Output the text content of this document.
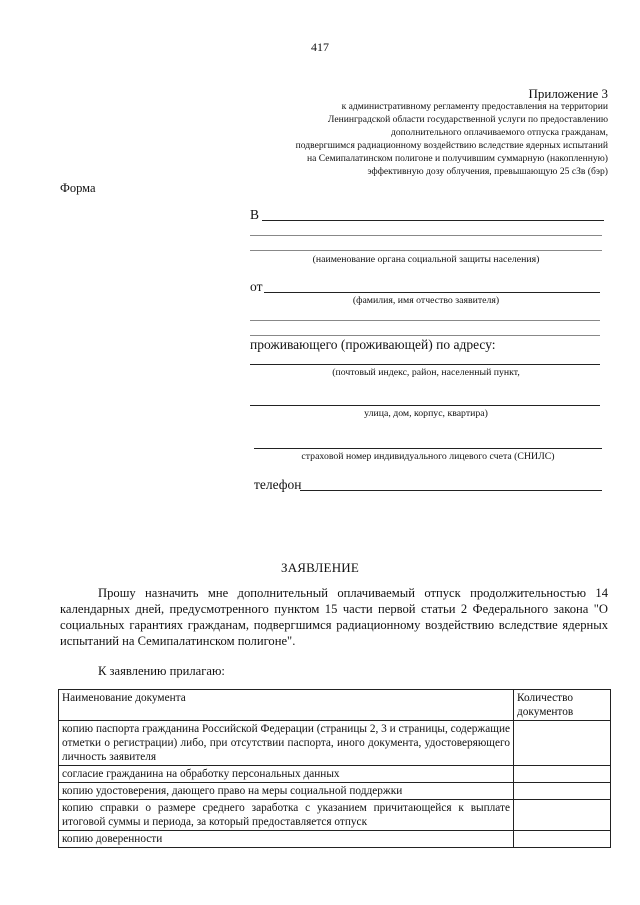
417
Приложение 3
к административному регламенту предоставления на территории
Ленинградской области государственной услуги по предоставлению
дополнительного оплачиваемого отпуска гражданам,
подвергшимся радиационному воздействию вследствие ядерных испытаний
на Семипалатинском полигоне и получившим суммарную (накопленную)
эффективную дозу облучения, превышающую 25 сЗв (бэр)
Форма
В
(наименование органа социальной защиты населения)
от
(фамилия, имя отчество заявителя)
проживающего (проживающей) по адресу:
(почтовый индекс, район, населенный пункт,
улица, дом, корпус, квартира)
страховой номер индивидуального лицевого счета (СНИЛС)
телефон
ЗАЯВЛЕНИЕ
Прошу назначить мне дополнительный оплачиваемый отпуск продолжительностью 14 календарных дней, предусмотренного пунктом 15 части первой статьи 2 Федерального закона "О социальных гарантиях гражданам, подвергшимся радиационному воздействию вследствие ядерных испытаний на Семипалатинском полигоне".
К заявлению прилагаю:
Наименование документа	Количество документов
копию паспорта гражданина Российской Федерации (страницы 2, 3 и страницы, содержащие отметки о регистрации) либо, при отсутствии паспорта, иного документа, удостоверяющего личность заявителя	
согласие гражданина на обработку персональных данных	
копию удостоверения, дающего право на меры социальной поддержки	
копию справки о размере среднего заработка с указанием причитающейся к выплате итоговой суммы и периода, за который предоставляется отпуск	
копию доверенности	
